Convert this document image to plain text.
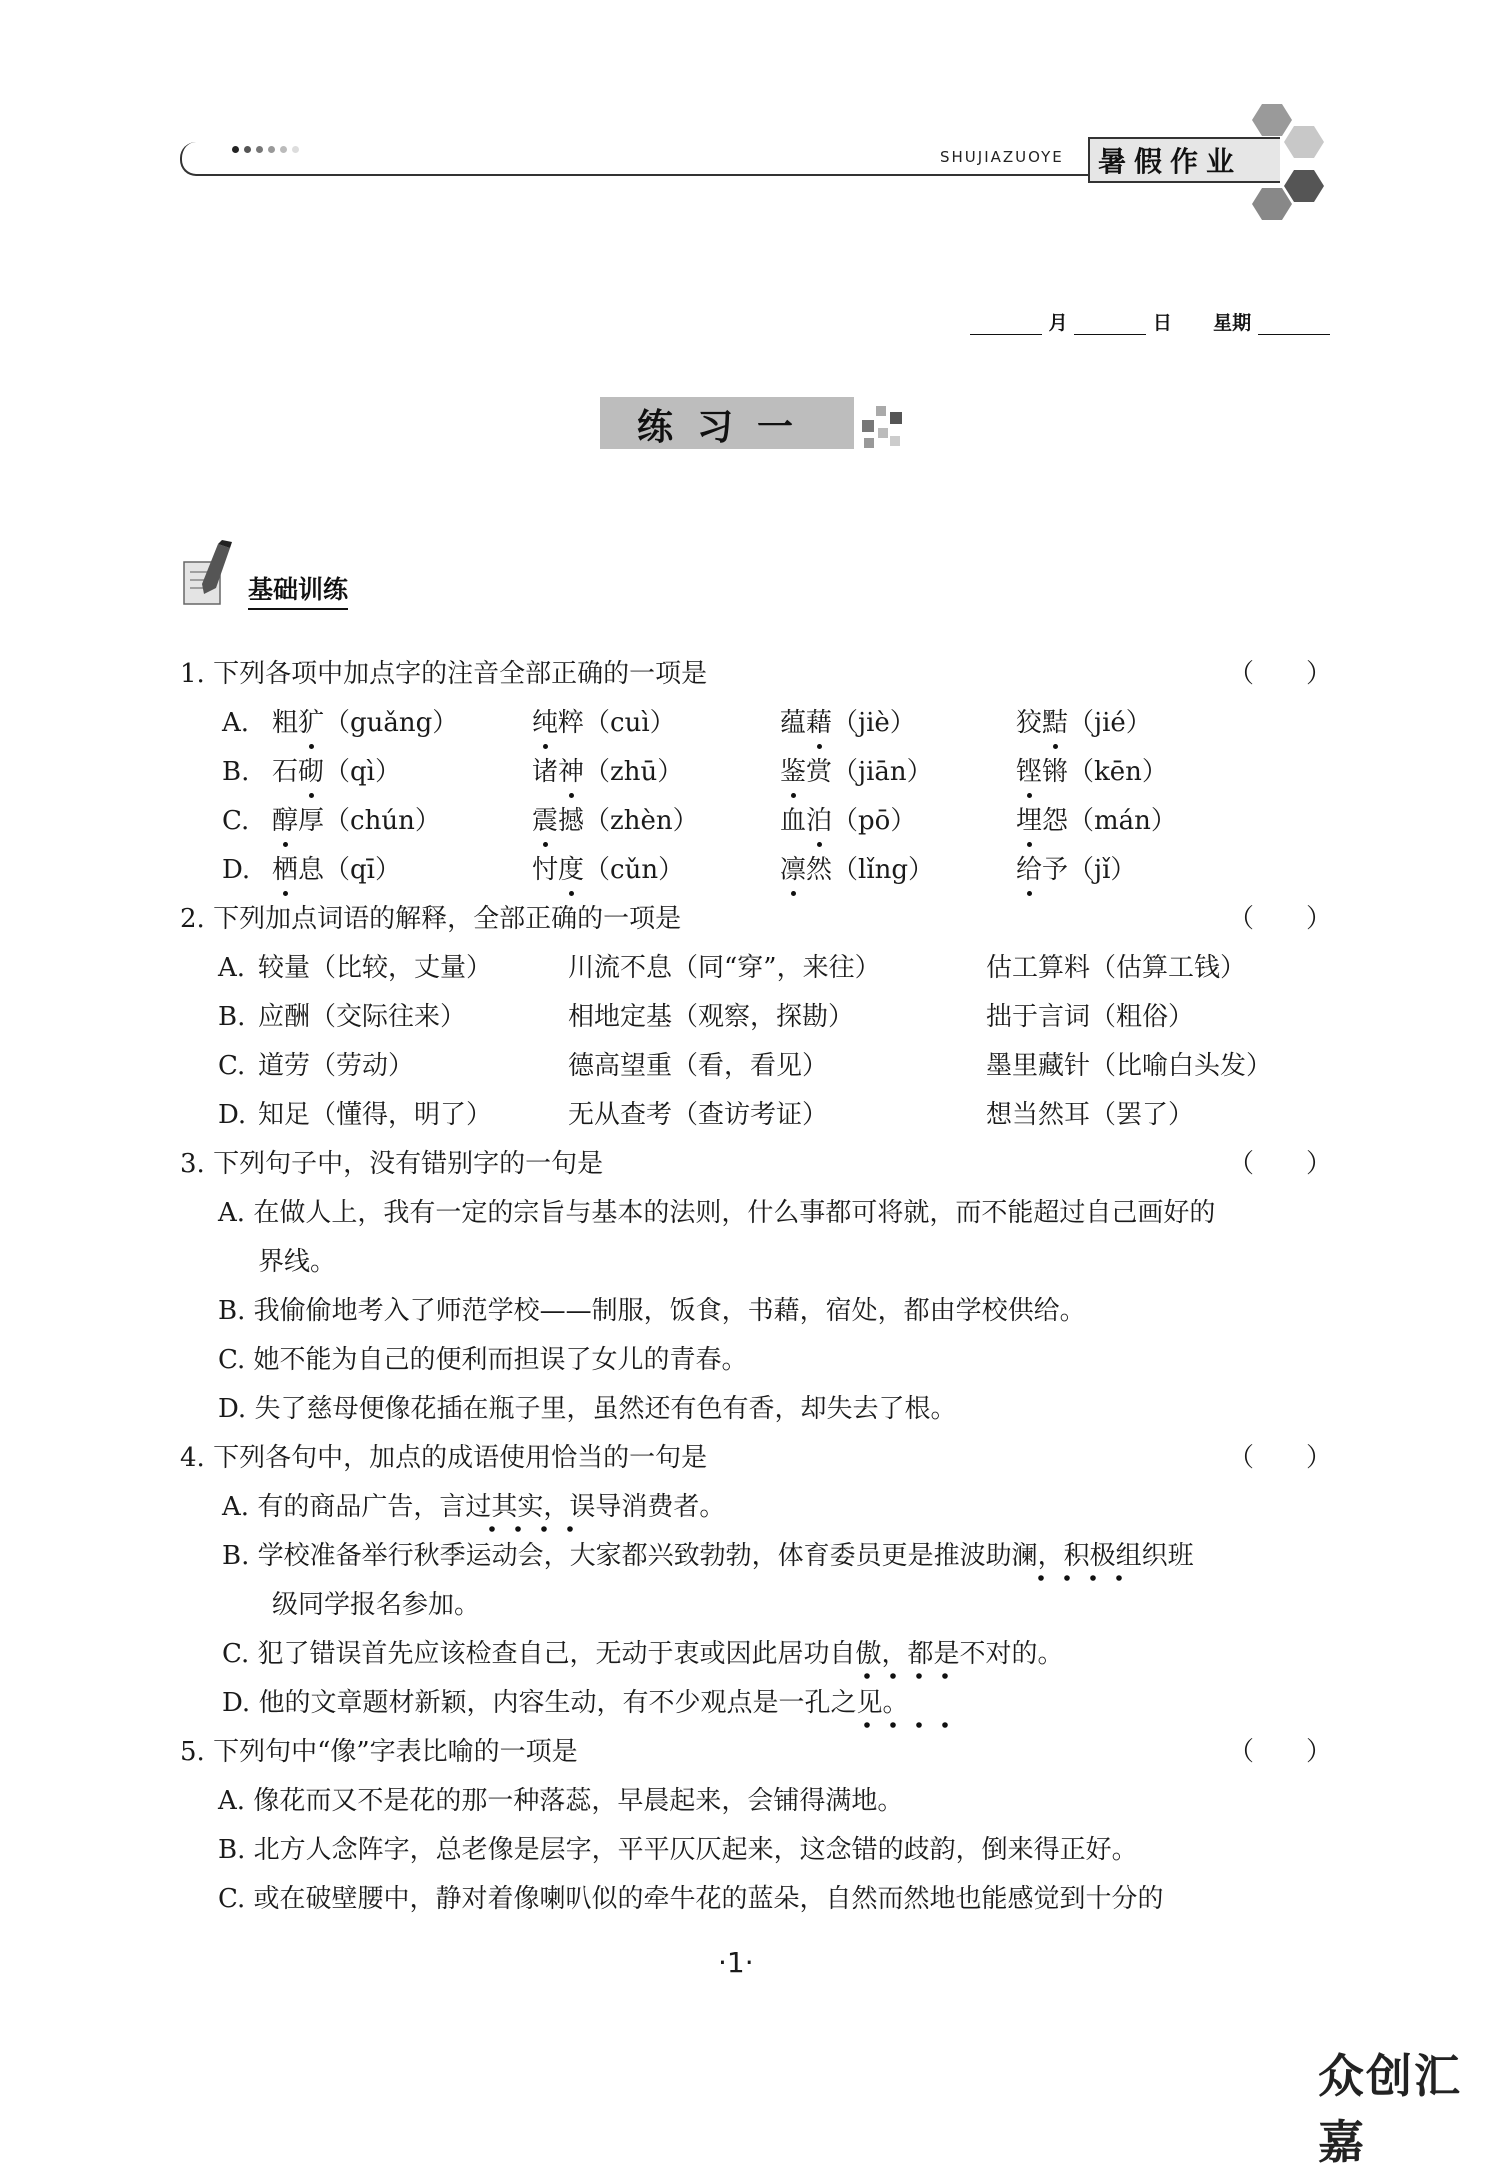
SHUJIAZUOYE 暑假作业
月	日 星期
练习一
基础训练
1. 下列各项中加点字的注音全部正确的一项是	（　　）
A. 粗犷（guǎng）	纯粹（cuì）	蕴藉（jiè）	狡黠（jié）
B. 石砌（qì）	诸神（zhū）	鉴赏（jiān）	铿锵（kēn）
C. 醇厚（chún）	震撼（zhèn）	血泊（pō）	埋怨（mán）
D. 栖息（qī）	忖度（cǔn）	凛然（lǐng）	给予（jǐ）
2. 下列加点词语的解释，全部正确的一项是	（　　）
A. 较量（比较，丈量）	川流不息（同“穿”，来往）	估工算料（估算工钱）
B. 应酬（交际往来）	相地定基（观察，探勘）	拙于言词（粗俗）
C. 道劳（劳动）	德高望重（看，看见）	墨里藏针（比喻白头发）
D. 知足（懂得，明了）	无从查考（查访考证）	想当然耳（罢了）
3. 下列句子中，没有错别字的一句是	（　　）
A. 在做人上，我有一定的宗旨与基本的法则，什么事都可将就，而不能超过自己画好的
界线。
B. 我偷偷地考入了师范学校——制服，饭食，书藉，宿处，都由学校供给。
C. 她不能为自己的便利而担误了女儿的青春。
D. 失了慈母便像花插在瓶子里，虽然还有色有香，却失去了根。
4. 下列各句中，加点的成语使用恰当的一句是	（　　）
A. 有的商品广告，言过其实，误导消费者。
B. 学校准备举行秋季运动会，大家都兴致勃勃，体育委员更是推波助澜，积极组织班
级同学报名参加。
C. 犯了错误首先应该检查自己，无动于衷或因此居功自傲，都是不对的。
D. 他的文章题材新颖，内容生动，有不少观点是一孔之见。
5. 下列句中“像”字表比喻的一项是	（　　）
A. 像花而又不是花的那一种落蕊，早晨起来，会铺得满地。
B. 北方人念阵字，总老像是层字，平平仄仄起来，这念错的歧韵，倒来得正好。
C. 或在破壁腰中，静对着像喇叭似的牵牛花的蓝朵，自然而然地也能感觉到十分的
·1·
众创汇嘉
